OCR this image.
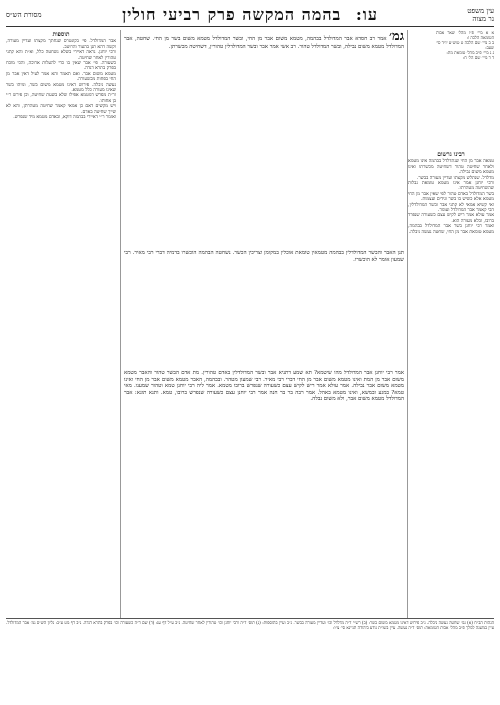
עין משפט
נר מצוה
עו: בהמה המקשה פרק רביעי חולין
מסורת הש״ס

א א מיי׳ פ״ו מהל׳ שאר אבות הטומאה הלכה ו:

ב ב מיי׳ שם הלכה ט טוש״ע יו״ד סי׳ שעב:

ג ג מיי׳ פ״ב מהל׳ טומאת מת:

ד ד מיי׳ שם הל׳ ח:

רבינו גרשום

טמאה אבר מן החי שנתדלדל בבהמה אינו מטמא ולאחר שחיטה טהור דשחיטה מכשרתו ואינו מטמא משום נבילה.

מדלדל. שנתלש מקצתו ועדיין מעורה בבשר.

ורבי יוחנן אמר אינו מטמא טומאת נבלות שהשחיטה מטהרתו.

בשר המדולדל באדם טהור לפי שאין אבר מן החי מטמא אלא כשיש בו בשר וגידים ועצמות.

ואי קשיא אמאי לא קתני אבר ובשר המדולדלין, הכי קאמר אבר המדולדל ועומד.

אמר עולא אמר ריש לקיש עצם כשעורה שנפרד ברובו, ובלא מעורה הוא.

ואמר רבי יוחנן בשר אבר המדולדל בבהמה, מטמא טומאת אבר מן החי, שחטה נעשה ניבלה.

גמ׳ אמר רב חסדא אבר המדולדל בבהמה, מטמא משום אבר מן החי, ובשר המדולדל מטמא משום בשר מן החי. שחטה, אבר המדולדל מטמא משום נבילה, ובשר המדולדל טהור. רב אשי אמר אבר ובשר המדולדלין טהורין, דשחיטה מכשרתן.

תנן האבר והבשר המדולדלין בבהמה מטמאין טומאת אוכלין במקומן וצריכין הכשר. נשחטה הבהמה הוכשרו בדמיה דברי רבי מאיר. רבי שמעון אומר לא הוכשרו.

אמר רבי יוחנן אבר המדולדל מהו שיטמא? תא שמע דתניא אבר ובשר המדולדלין באדם טהורין. מת אדם הבשר טהור והאבר מטמא משום אבר מן המת ואינו מטמא משום אבר מן החי דברי רבי מאיר. רבי שמעון מטהר. ובבהמה, האבר מטמא משום אבר מן החי ואינו מטמא משום אבר נבילה. אמר עולא אמר ריש לקיש עצם כשעורה שנפרש ברובו מטמא. אמר ליה רבי יוחנן טמא וטהור שמענו. מאי טמא? במגע ובמשא, ואינו מטמא באהל. אמר רבה בר בר חנה אמר רבי יוחנן עצם כשעורה שנפרש ברובו, טמא. ותנא תונא: אבר המדולדל מטמא משום אבר, ולא משום נבלה.

תוספות

אבר המדולדל. פי׳ בקונטרס שנחתך מקצתו ועדיין מעורה, וקשה דהא תנן בהעור והרוטב.

ורבי יוחנן. נראה דאיירי בשלא נשחטה כלל, וא״ת והא קתני טהורין לאחר שחיטה.

כשעורה. פי׳ אבר שאין בו כדי להעלות ארוכה, והכי מוכח בפרק בתרא דנדה.

מטמא משום אבר. ואם תאמר והא אמר לעיל דאין אבר מן החי בפחות מכשעורה.

נעשה ניבלה. פירוש דאינו מטמא משום בשר, ומיהו בשר שאינו מעורה כלל מטמא.

ור״ת מפרש דמטמא אפילו שלא בשעת שחיטה, וכן פירש ר״י בן אחותו.

ויש מקשים דאם כן אמאי קאמר שחיטה מטהרתן, והא לא שייך שחיטה באדם.

ואומר ר״י דאיירי בבהמה דוקא, ובאדם מטמא מיד שנפרש.

הגהות הב״ח (א) גמ׳ שחטה נעשה ניבלה. נ״ב פירוש דאינו מטמא משום בשר: (ב) רש״י ד״ה מדלדל וכו׳ ועדיין מעורה בבשר. נ״ב ועיין בתוספות: (ג) תוס׳ ד״ה ורבי יוחנן וכו׳ טהורין לאחר שחיטה. נ״ב ע״ל דף עג: (ד) שם ד״ה כשעורה וכו׳ בפרק בתרא דנדה. נ״ב דף מט ע״ב: גליון הש״ס גמ׳ אבר המדולדל. עיין במשנה למלך פ״ב מהל׳ אבות הטומאה: תוס׳ ד״ה נעשה. עיין בשו״ת נודע ביהודה תניינא סי׳ צ״ו:
